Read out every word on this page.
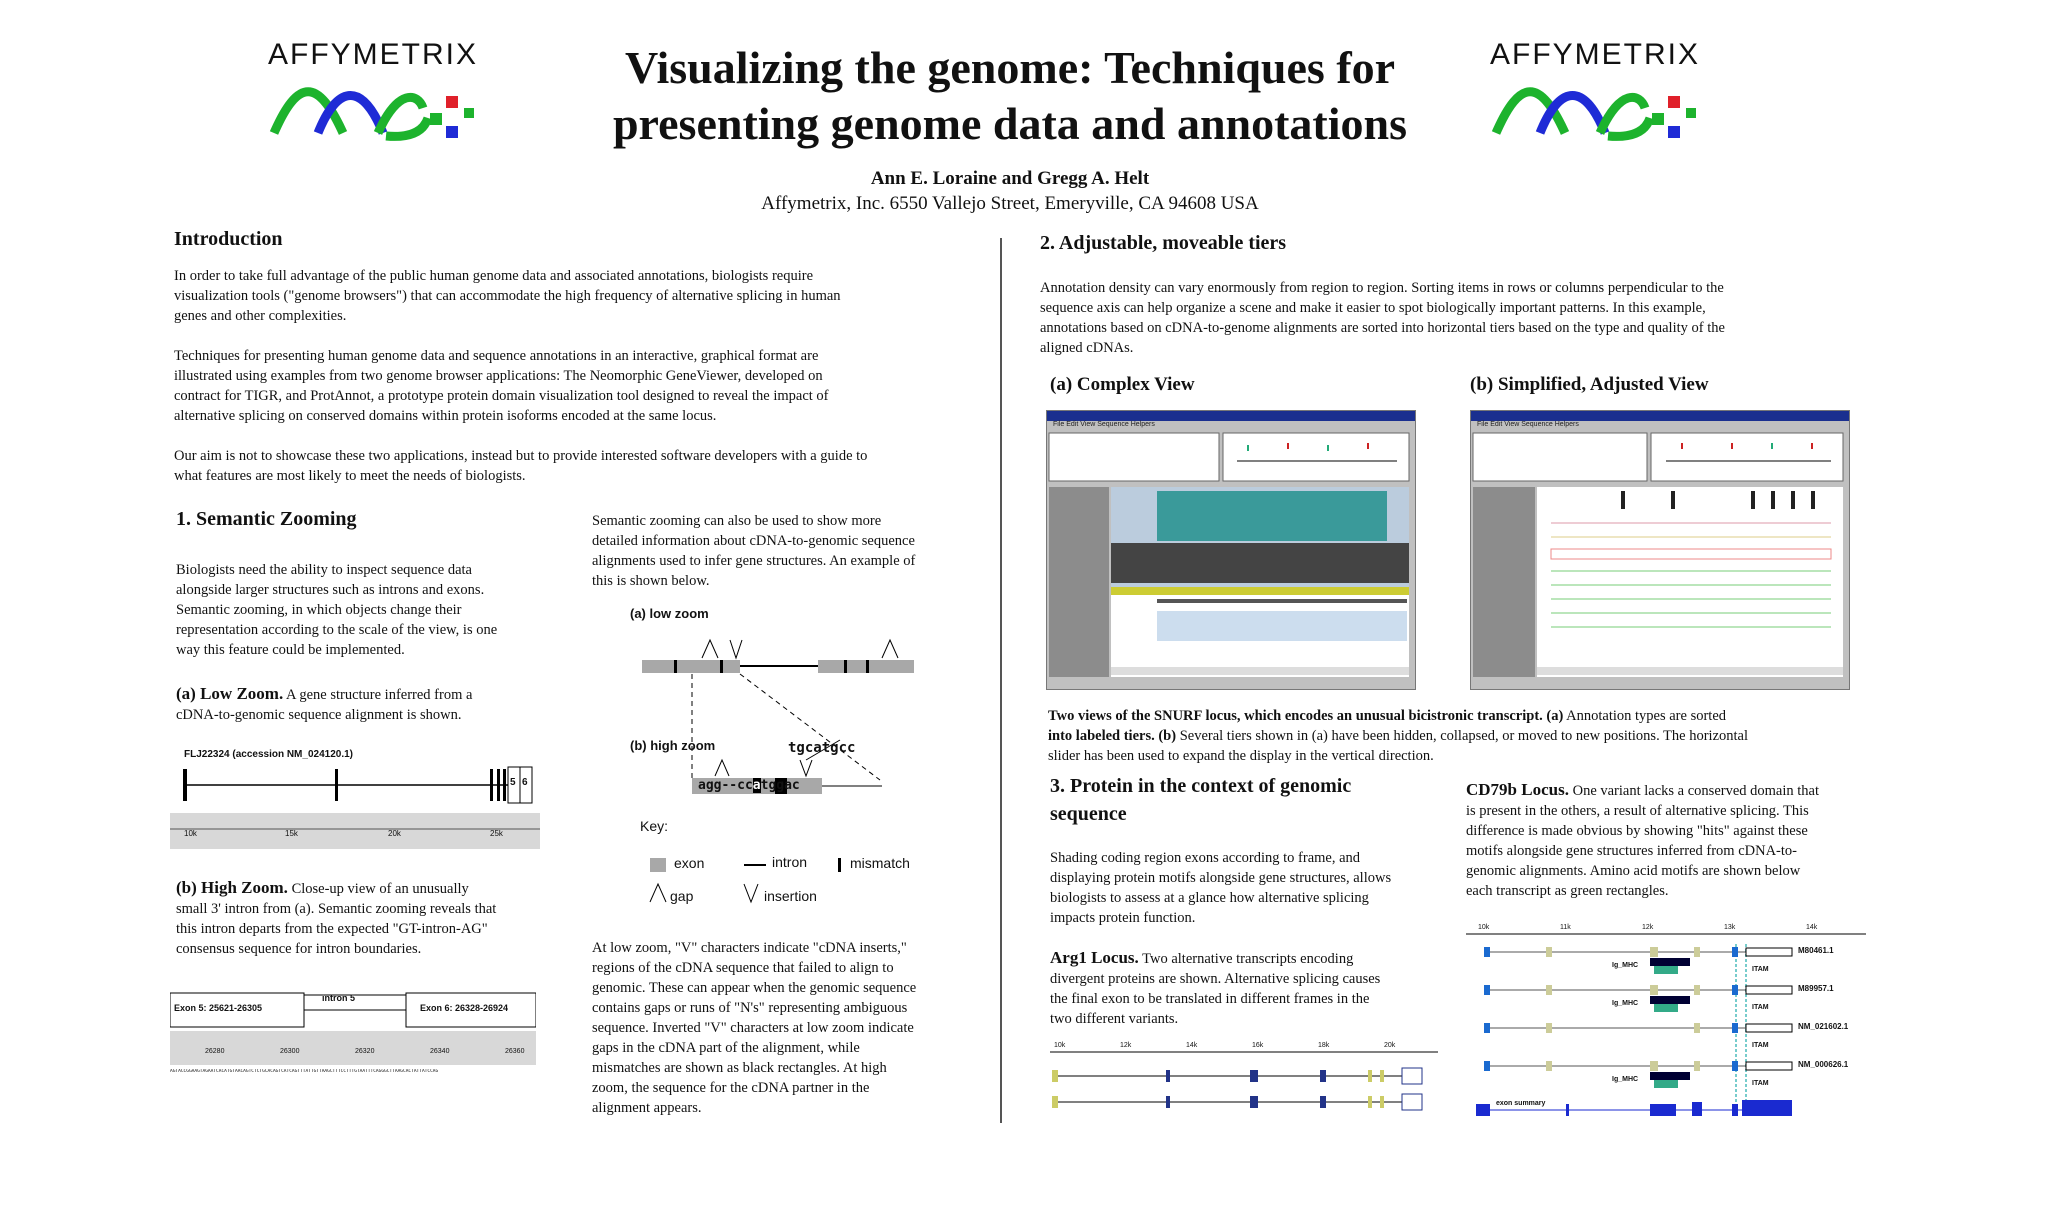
AFFYMETRIX	AFFYMETRIX
Visualizing the genome: Techniques for
presenting genome data and annotations
Ann E. Loraine and Gregg A. Helt
Affymetrix, Inc. 6550 Vallejo Street, Emeryville, CA 94608 USA
Introduction
In order to take full advantage of the public human genome data and associated annotations, biologists require
visualization tools ("genome browsers") that can accommodate the high frequency of alternative splicing in human
genes and other complexities.
Techniques for presenting human genome data and sequence annotations in an interactive, graphical format are
illustrated using examples from two genome browser applications: The Neomorphic GeneViewer, developed on
contract for TIGR, and ProtAnnot, a prototype protein domain visualization tool designed to reveal the impact of
alternative splicing on conserved domains within protein isoforms encoded at the same locus.
Our aim is not to showcase these two applications, instead but to provide interested software developers with a guide to
what features are most likely to meet the needs of biologists.
1. Semantic Zooming
Biologists need the ability to inspect sequence data
alongside larger structures such as introns and exons.
Semantic zooming, in which objects change their
representation according to the scale of the view, is one
way this feature could be implemented.
(a) Low Zoom. A gene structure inferred from a
cDNA-to-genomic sequence alignment is shown.
FLJ22324 (accession NM_024120.1)
5 6
10k	15k	20k	25k
(b) High Zoom. Close-up view of an unusually
small 3' intron from (a). Semantic zooming reveals that
this intron departs from the expected "GT-intron-AG"
consensus sequence for intron boundaries.
Exon 5: 25621-26305
intron 5
Exon 6: 26328-26924
26280	26300	26320	26340	26360
AGTACCGGAAGTAGAATCACATGTAACAGTCTCTGCACAGTCATCAGTTTATTGTTAAGCTTTCCTTTGTAATTTCAGGGCTTAAGCACTATTATCCAG
Semantic zooming can also be used to show more
detailed information about cDNA-to-genomic sequence
alignments used to infer gene structures. An example of
this is shown below.
(a) low zoom
(b) high zoom	tgcatgcc
agg--ccatggac
Key:
exon	intron	mismatch
gap	insertion
At low zoom, "V" characters indicate "cDNA inserts,"
regions of the cDNA sequence that failed to align to
genomic. These can appear when the genomic sequence
contains gaps or runs of "N's" representing ambiguous
sequence. Inverted "V" characters at low zoom indicate
gaps in the cDNA part of the alignment, while
mismatches are shown as black rectangles. At high
zoom, the sequence for the cDNA partner in the
alignment appears.
2. Adjustable, moveable tiers
Annotation density can vary enormously from region to region. Sorting items in rows or columns perpendicular to the
sequence axis can help organize a scene and make it easier to spot biologically important patterns. In this example,
annotations based on cDNA-to-genome alignments are sorted into horizontal tiers based on the type and quality of the
aligned cDNAs.
(a) Complex View	(b) Simplified, Adjusted View
File Edit View Sequence Helpers	File Edit View Sequence Helpers
Two views of the SNURF locus, which encodes an unusual bicistronic transcript. (a) Annotation types are sorted
into labeled tiers. (b) Several tiers shown in (a) have been hidden, collapsed, or moved to new positions. The horizontal
slider has been used to expand the display in the vertical direction.
3. Protein in the context of genomic
sequence
Shading coding region exons according to frame, and
displaying protein motifs alongside gene structures, allows
biologists to assess at a glance how alternative splicing
impacts protein function.
Arg1 Locus. Two alternative transcripts encoding
divergent proteins are shown. Alternative splicing causes
the final exon to be translated in different frames in the
two different variants.
10k	12k	14k	16k	18k	20k
CD79b Locus. One variant lacks a conserved domain that
is present in the others, a result of alternative splicing. This
difference is made obvious by showing "hits" against these
motifs alongside gene structures inferred from cDNA-to-
genomic alignments. Amino acid motifs are shown below
each transcript as green rectangles.
10k	11k	12k	13k	14k
M80461.1
M89957.1
NM_021602.1
NM_000626.1
Ig_MHC
Ig_MHC
Ig_MHC
ITAM
ITAM
ITAM
ITAM
exon summary
